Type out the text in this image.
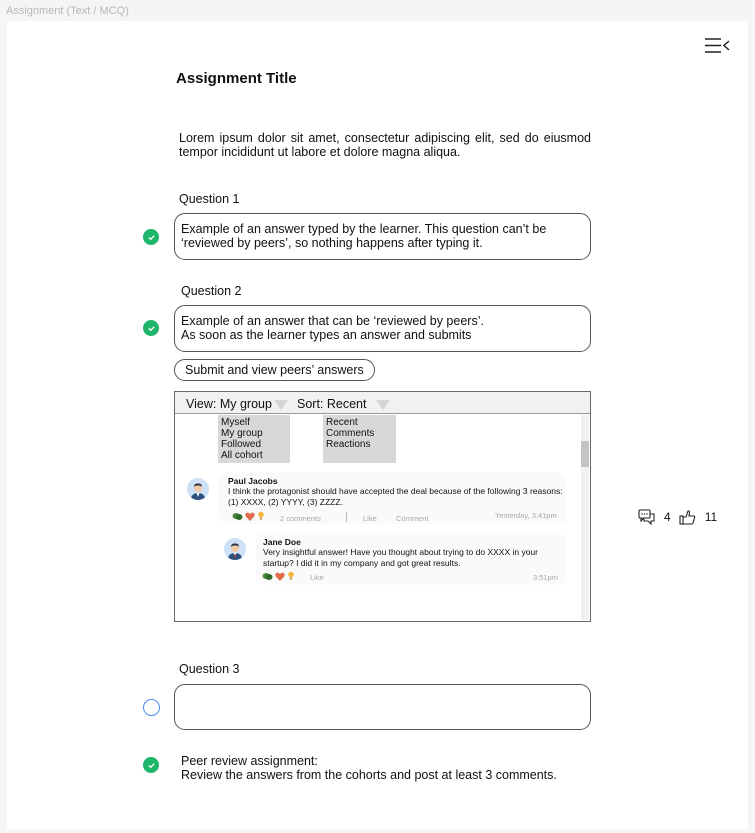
Assignment (Text / MCQ)
Assignment Title
Lorem ipsum dolor sit amet, consectetur adipiscing elit, sed do eiusmod tempor incididunt ut labore et dolore magna aliqua.
Question 1
Example of an answer typed by the learner. This question can’t be ‘reviewed by peers’, so nothing happens after typing it.
Question 2
Example of an answer that can be ‘reviewed by peers’.
As soon as the learner types an answer and submits
Submit and view peers’ answers
View: My group Sort: Recent
Myself
My group
Followed
All cohort
Recent
Comments
Reactions
Paul Jacobs
I think the protagonist should have accepted the deal because of the following 3 reasons: (1) XXXX, (2) YYYY, (3) ZZZZ.
2 comments	Like	Comment	Yesterday, 3:41pm
Jane Doe
Very insightful answer! Have you thought about trying to do XXXX in your startup? I did it in my company and got great results.
Like	3:51pm
4	11
Question 3
Peer review assignment:
Review the answers from the cohorts and post at least 3 comments.
